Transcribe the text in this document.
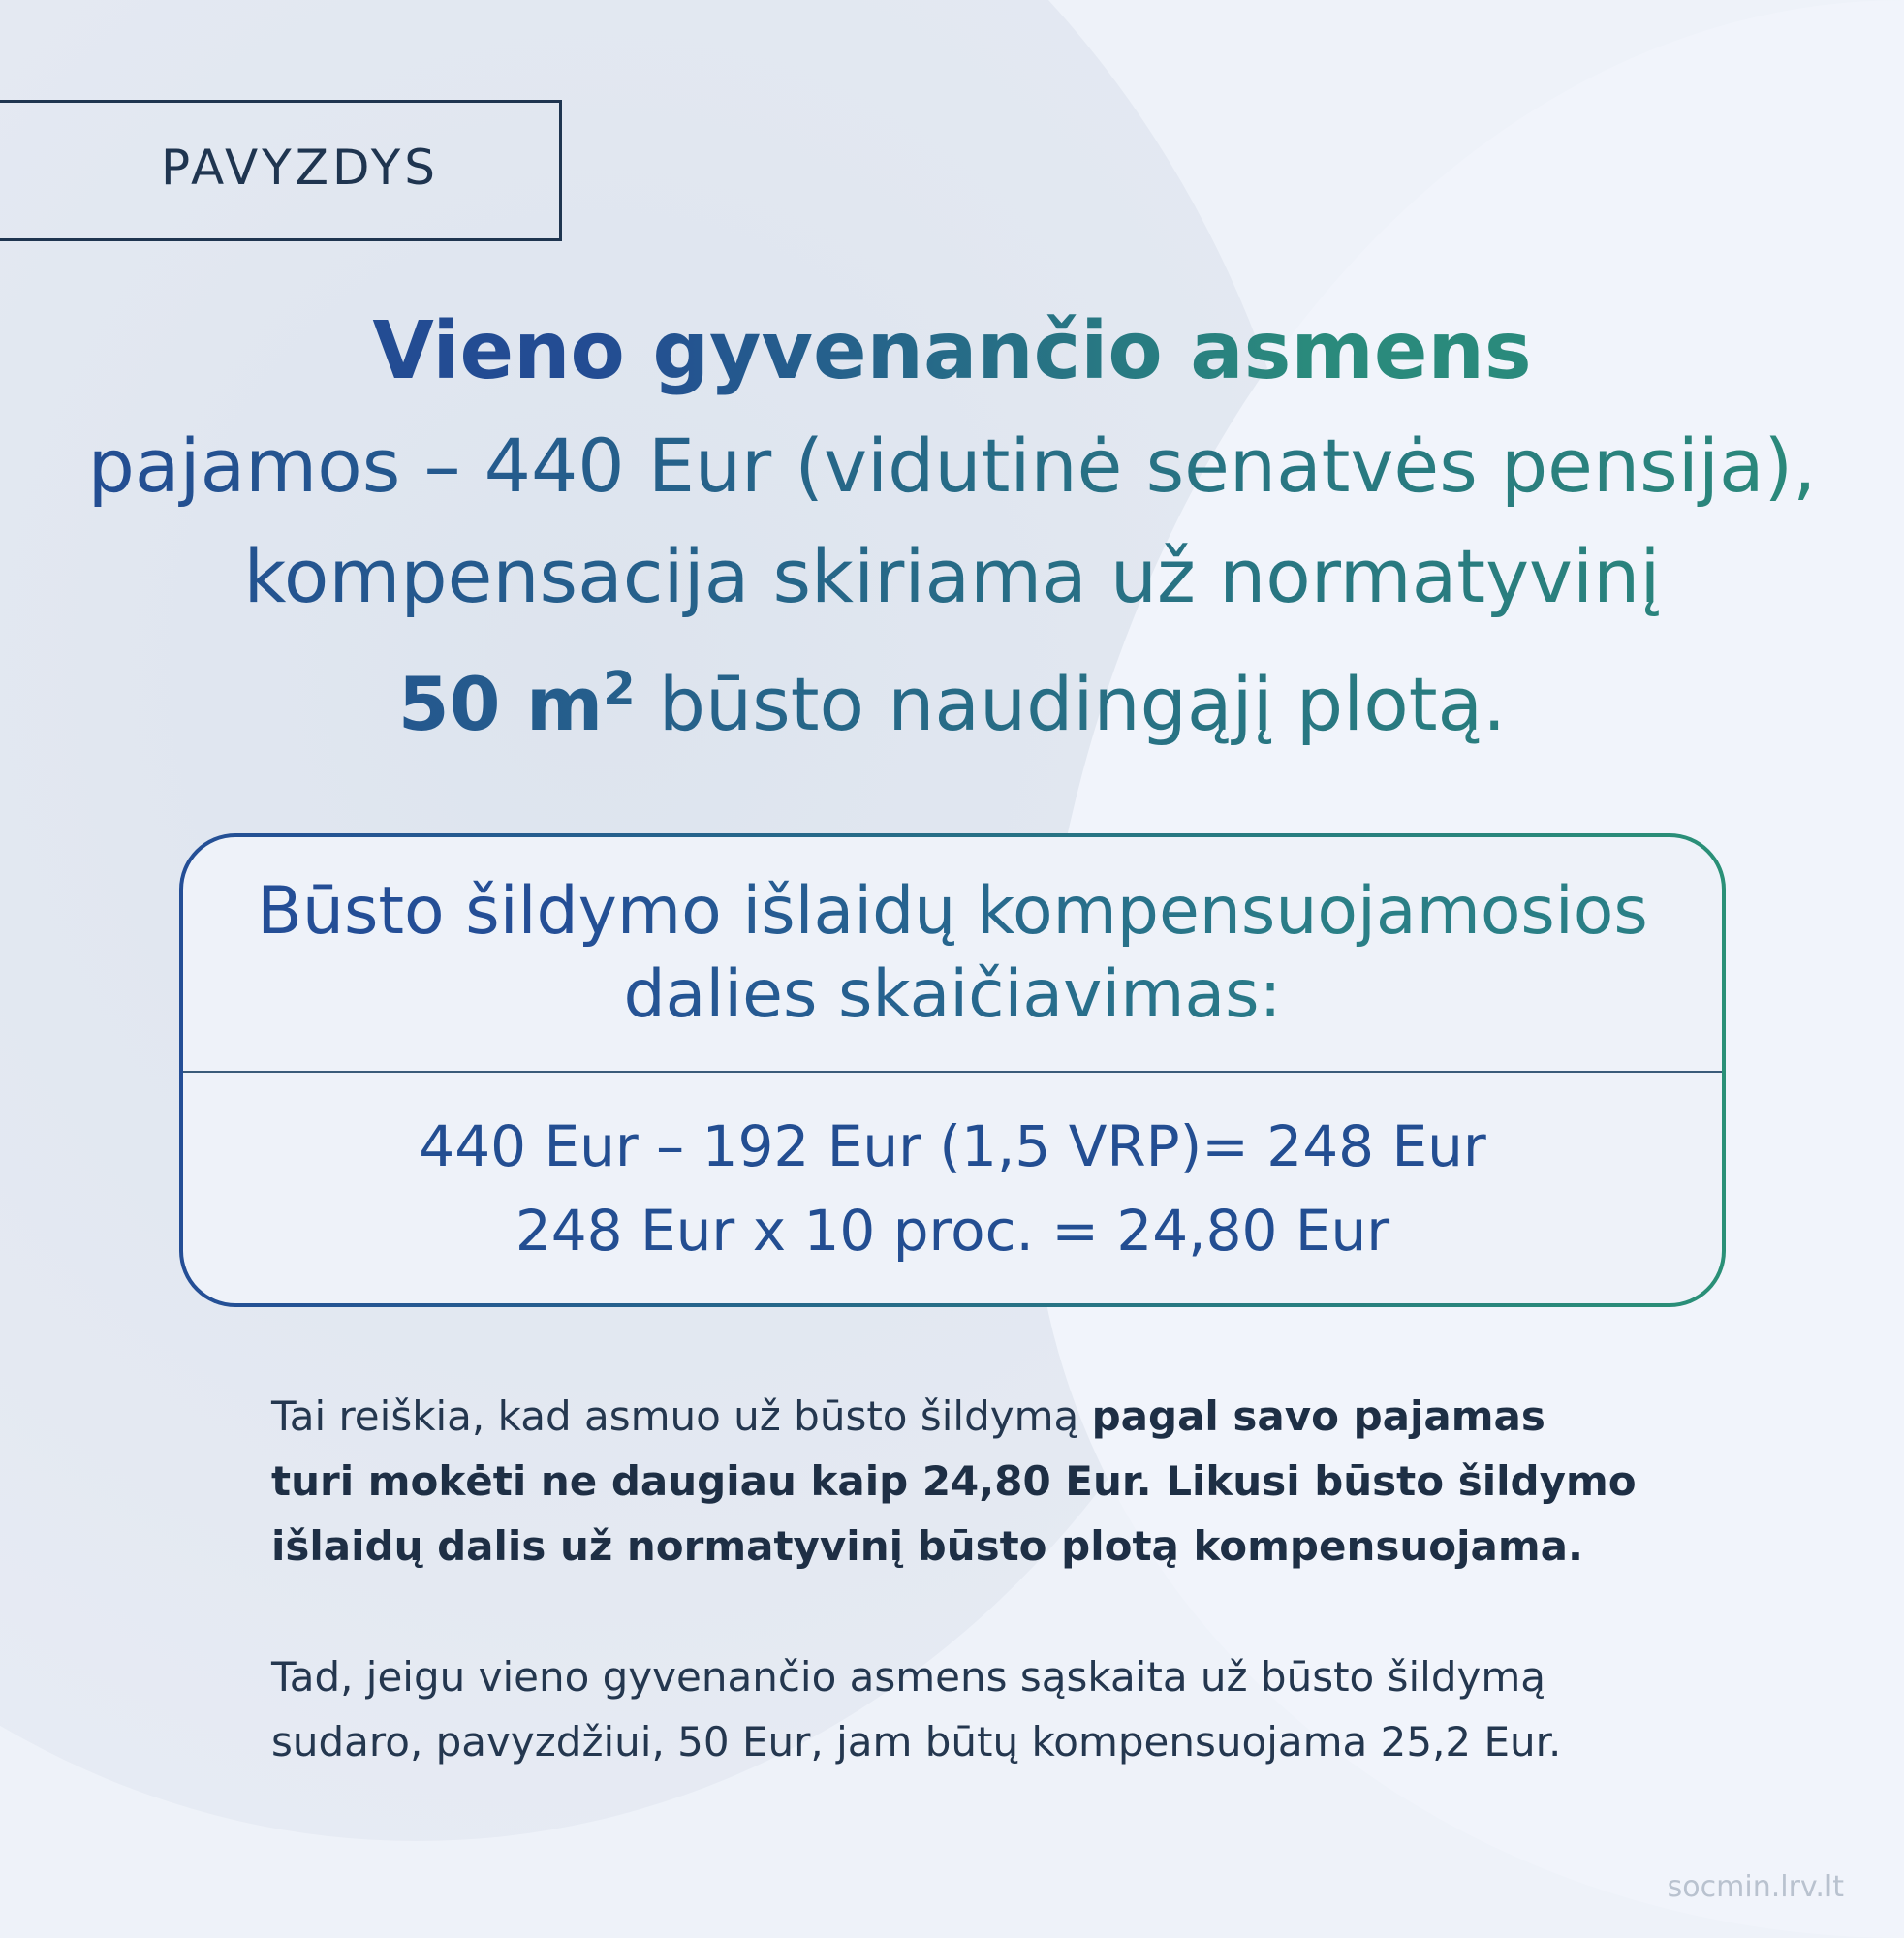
PAVYZDYS
Vieno gyvenančio asmens
pajamos – 440 Eur (vidutinė senatvės pensija),
kompensacija skiriama už normatyvinį
50 $m^2$ būsto naudingąjį plotą.
Būsto šildymo išlaidų kompensuojamosios
dalies skaičiavimas:
440 Eur – 192 Eur (1,5 VRP)= 248 Eur
248 Eur x 10 proc. = 24,80 Eur
Tai reiškia, kad asmuo už būsto šildymą pagal savo pajamas
turi mokėti ne daugiau kaip 24,80 Eur. Likusi būsto šildymo
išlaidų dalis už normatyvinį būsto plotą kompensuojama.
Tad, jeigu vieno gyvenančio asmens sąskaita už būsto šildymą
sudaro, pavyzdžiui, 50 Eur, jam būtų kompensuojama 25,2 Eur.
socmin.lrv.lt
